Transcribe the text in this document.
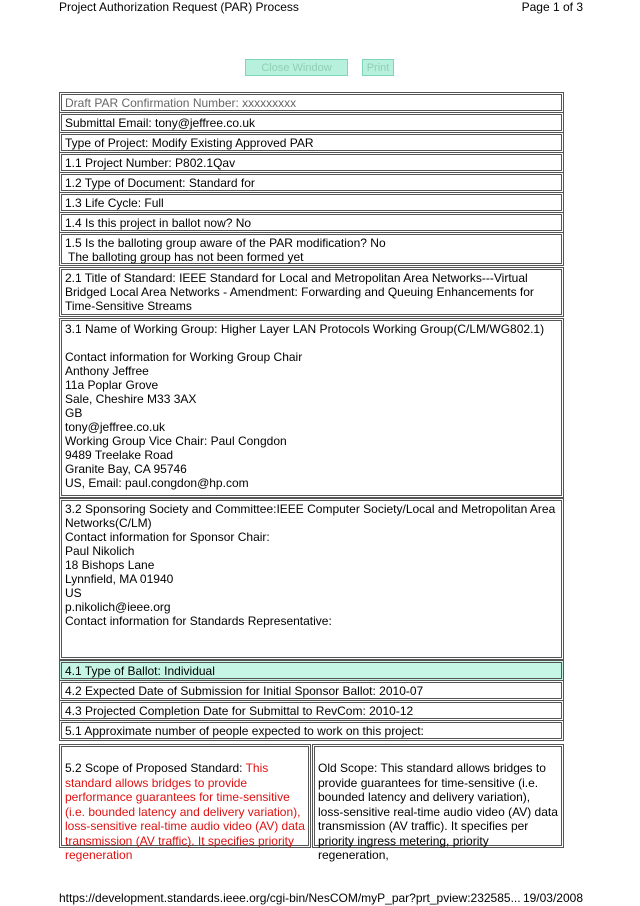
Project Authorization Request (PAR) Process	Page 1 of 3
Close Window	Print
Draft PAR Confirmation Number: xxxxxxxxx
Submittal Email: tony@jeffree.co.uk
Type of Project: Modify Existing Approved PAR
1.1 Project Number: P802.1Qav
1.2 Type of Document: Standard for
1.3 Life Cycle: Full
1.4 Is this project in ballot now? No

1.5 Is the balloting group aware of the PAR modification? No

The balloting group has not been formed yet

2.1 Title of Standard: IEEE Standard for Local and Metropolitan Area Networks---Virtual Bridged Local Area Networks - Amendment: Forwarding and Queuing Enhancements for Time-Sensitive Streams

3.1 Name of Working Group: Higher Layer LAN Protocols Working Group(C/LM/WG802.1)

Contact information for Working Group Chair

Anthony Jeffree

11a Poplar Grove

Sale, Cheshire M33 3AX

GB

tony@jeffree.co.uk

Working Group Vice Chair: Paul Congdon

9489 Treelake Road

Granite Bay, CA 95746

US, Email: paul.congdon@hp.com

3.2 Sponsoring Society and Committee:IEEE Computer Society/Local and Metropolitan Area Networks(C/LM)

Contact information for Sponsor Chair:

Paul Nikolich

18 Bishops Lane

Lynnfield, MA 01940

US

p.nikolich@ieee.org

Contact information for Standards Representative:

4.1 Type of Ballot: Individual
4.2 Expected Date of Submission for Initial Sponsor Ballot: 2010-07
4.3 Projected Completion Date for Submittal to RevCom: 2010-12
5.1 Approximate number of people expected to work on this project:
5.2 Scope of Proposed Standard: This standard allows bridges to provide performance guarantees for time-sensitive (i.e. bounded latency and delivery variation), loss-sensitive real-time audio video (AV) data transmission (AV traffic). It specifies priority regeneration
Old Scope: This standard allows bridges to provide guarantees for time-sensitive (i.e. bounded latency and delivery variation), loss-sensitive real-time audio video (AV) data transmission (AV traffic). It specifies per priority ingress metering, priority regeneration,
https://development.standards.ieee.org/cgi-bin/NesCOM/myP_par?prt_pview:232585... 19/03/2008
